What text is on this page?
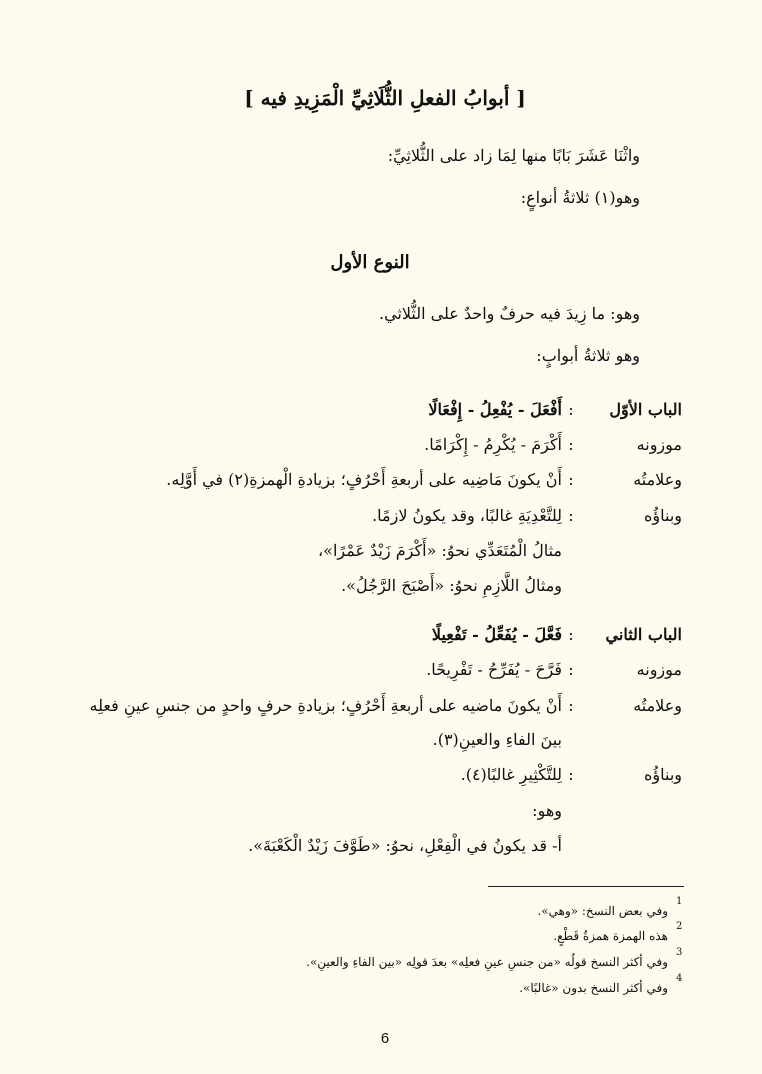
[ أبوابُ الفعلِ الثُّلَاثِيِّ الْمَزِيدِ فيه ]
واثْنَا عَشَرَ بَابًا منها لِمَا زاد على الثُّلاثِيِّ:
وهو(١) ثلاثةُ أنواعٍ:
النوع الأول
وهو: ما زِيدَ فيه حرفٌ واحدٌ على الثُّلاثي.
وهو ثلاثةُ أبوابٍ:
الباب الأوّل
:
أَفْعَلَ - يُفْعِلُ - إِفْعَالًا
موزونه
:
أَكْرَمَ - يُكْرِمُ - إِكْرَامًا.
وعلامتُه
:
أَنْ يكونَ مَاضِيه على أربعةِ أَحْرُفٍ؛ بزيادةِ الْهمزةِ(٢) في أَوَّلِه.
وبناؤُه
:
لِلتَّعْدِيَةِ غالبًا، وقد يكونُ لازمًا.
مثالُ الْمُتَعَدِّي نحوُ: «أَكْرَمَ زَيْدٌ عَمْرًا»،
ومثالُ اللَّازِمِ نحوُ: «أَصْبَحَ الرَّجُلُ».
الباب الثاني
:
فَعَّلَ - يُفَعِّلُ - تَفْعِيلًا
موزونه
:
فَرَّحَ - يُفَرِّحُ - تَفْرِيحًا.
وعلامتُه
:
أَنْ يكونَ ماضيه على أربعةِ أَحْرُفٍ؛ بزيادةِ حرفٍ واحدٍ من جنسِ عينِ فعلِه
بينَ الفاءِ والعينِ(٣).
وبناؤُه
:
لِلتَّكْثِيرِ غالبًا(٤).
وهو:
أ- قد يكونُ في الْفِعْلِ، نحوُ: «طَوَّفَ زَيْدٌ الْكَعْبَةَ».
1
وفي بعض النسخ: «وهي».
2
هذه الهمزة همزةُ قَطْعٍ.
3
وفي أكثر النسخ قولُه «من جنسِ عينِ فعلِه» بعدَ قولِه «بين الفاءِ والعينِ».
4
وفي أكثر النسخ بدون «غالبًا».
6
